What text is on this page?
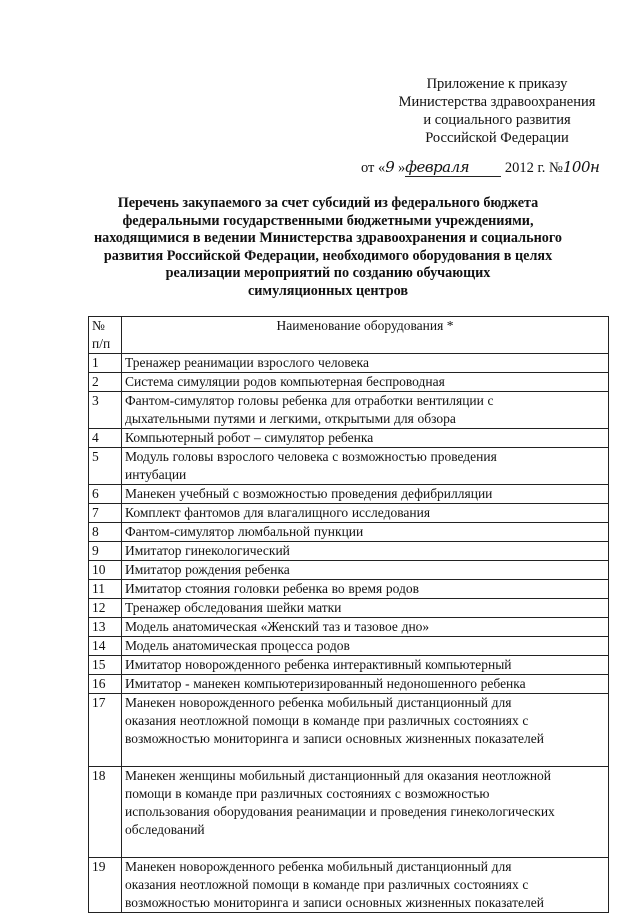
Приложение к приказу
Министерства здравоохранения
и социального развития
Российской Федерации
от «9 »февраля 2012 г. №100н
Перечень закупаемого за счет субсидий из федерального бюджета
федеральными государственными бюджетными учреждениями,
находящимися в ведении Министерства здравоохранения и социального
развития Российской Федерации, необходимого оборудования в целях
реализации мероприятий по созданию обучающих
симуляционных центров
№
п/п	Наименование оборудования *
1	Тренажер реанимации взрослого человека

2	Система симуляции родов компьютерная беспроводная

3	Фантом-симулятор головы ребенка для отработки вентиляции с
дыхательными путями и легкими, открытыми для обзора

4	Компьютерный робот – симулятор ребенка

5	Модуль головы взрослого человека с возможностью проведения
интубации

6	Манекен учебный с возможностью проведения дефибрилляции

7	Комплект фантомов для влагалищного исследования

8	Фантом-симулятор люмбальной пункции

9	Имитатор гинекологический

10	Имитатор рождения ребенка

11	Имитатор стояния головки ребенка во время родов

12	Тренажер обследования шейки матки

13	Модель анатомическая «Женский таз и тазовое дно»

14	Модель анатомическая процесса родов

15	Имитатор новорожденного ребенка интерактивный компьютерный

16	Имитатор - манекен компьютеризированный недоношенного ребенка

17	Манекен новорожденного ребенка мобильный дистанционный для
оказания неотложной помощи в команде при различных состояниях с
возможностью мониторинга и записи основных жизненных показателей

18	Манекен женщины мобильный дистанционный для оказания неотложной
помощи в команде при различных состояниях с возможностью
использования оборудования реанимации и проведения гинекологических
обследований

19	Манекен новорожденного ребенка мобильный дистанционный для
оказания неотложной помощи в команде при различных состояниях с
возможностью мониторинга и записи основных жизненных показателей
